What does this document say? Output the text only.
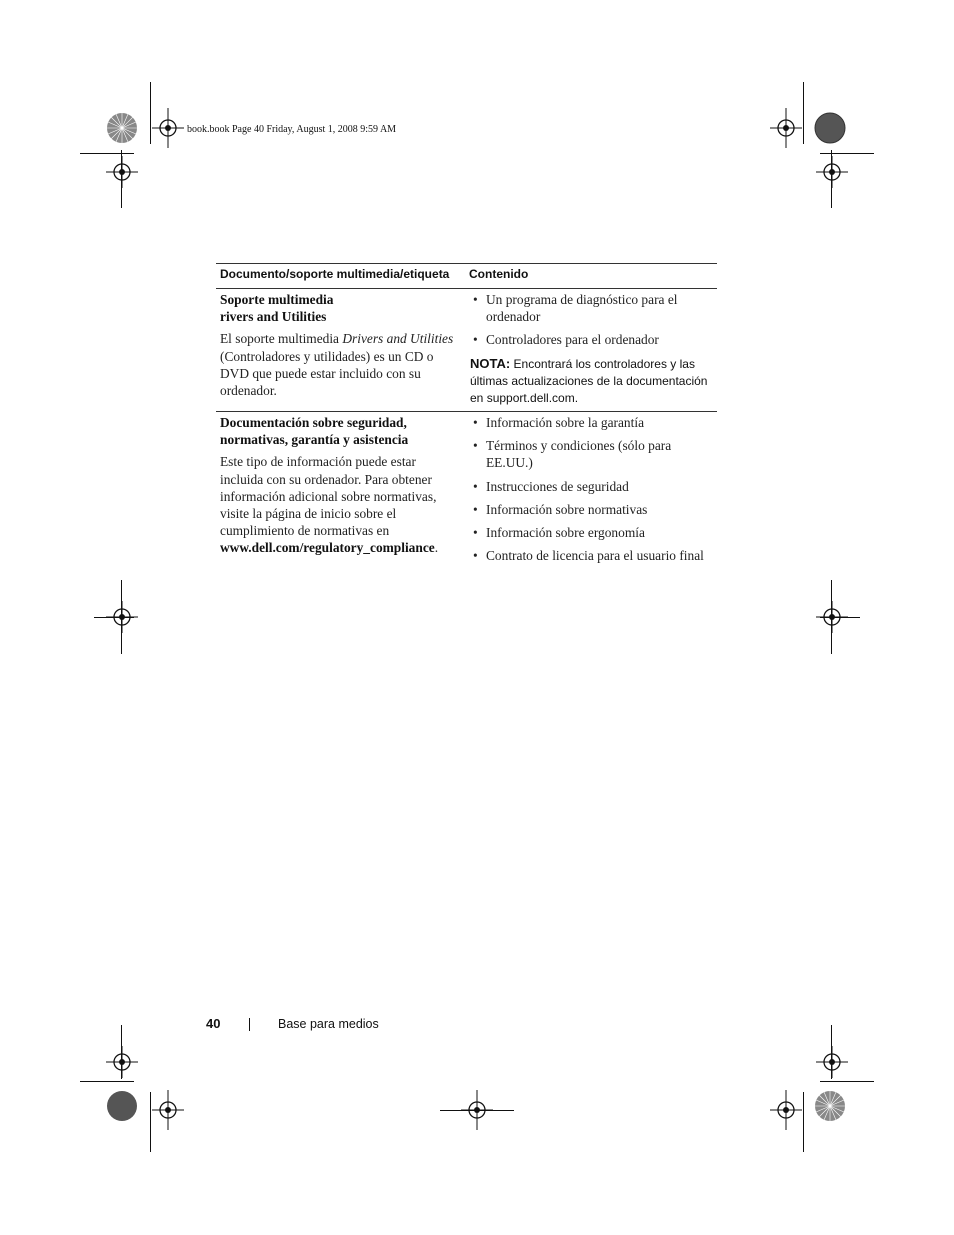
book.book Page 40 Friday, August 1, 2008 9:59 AM
Documento/soporte multimedia/etiqueta Contenido
Soporte multimedia
rivers and Utilities
El soporte multimedia Drivers and Utilities (Controladores y utilidades) es un CD o DVD que puede estar incluido con su ordenador.
• Un programa de diagnóstico para el ordenador
• Controladores para el ordenador
NOTA: Encontrará los controladores y las últimas actualizaciones de la documentación en support.dell.com.
Documentación sobre seguridad, normativas, garantía y asistencia
Este tipo de información puede estar incluida con su ordenador. Para obtener información adicional sobre normativas, visite la página de inicio sobre el cumplimiento de normativas en www.dell.com/regulatory_compliance.
• Información sobre la garantía
• Términos y condiciones (sólo para EE.UU.)
• Instrucciones de seguridad
• Información sobre normativas
• Información sobre ergonomía
• Contrato de licencia para el usuario final
40	Base para medios
